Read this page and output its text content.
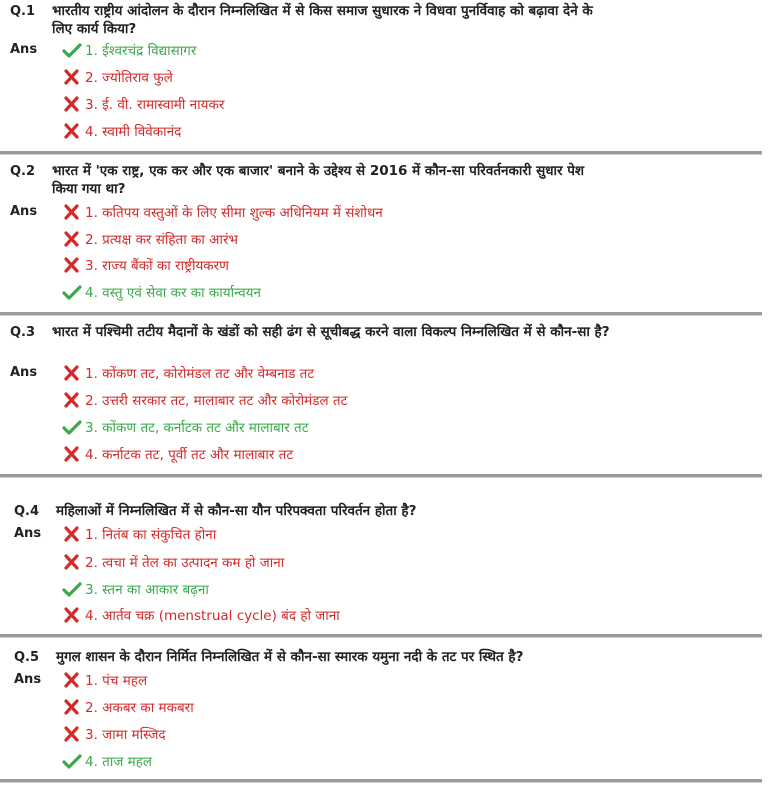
Q.1 भारतीय राष्ट्रीय आंदोलन के दौरान निम्नलिखित में से किस समाज सुधारक ने विधवा पुनर्विवाह को बढ़ावा देने के लिए कार्य किया?
Ans	1. ईश्वरचंद्र विद्यासागर
2. ज्योतिराव फुले
3. ई. वी. रामास्वामी नायकर
4. स्वामी विवेकानंद
Q.2 भारत में 'एक राष्ट्र, एक कर और एक बाजार' बनाने के उद्देश्य से 2016 में कौन-सा परिवर्तनकारी सुधार पेश किया गया था?
Ans	1. कतिपय वस्तुओं के लिए सीमा शुल्क अधिनियम में संशोधन
2. प्रत्यक्ष कर संहिता का आरंभ
3. राज्य बैंकों का राष्ट्रीयकरण
4. वस्तु एवं सेवा कर का कार्यान्वयन
Q.3 भारत में पश्चिमी तटीय मैदानों के खंडों को सही ढंग से सूचीबद्ध करने वाला विकल्प निम्नलिखित में से कौन-सा है?
Ans	1. कोंकण तट, कोरोमंडल तट और वेम्बनाड तट
2. उत्तरी सरकार तट, मालाबार तट और कोरोमंडल तट
3. कोंकण तट, कर्नाटक तट और मालाबार तट
4. कर्नाटक तट, पूर्वी तट और मालाबार तट
Q.4 महिलाओं में निम्नलिखित में से कौन-सा यौन परिपक्वता परिवर्तन होता है?
Ans	1. नितंब का संकुचित होना
2. त्वचा में तेल का उत्पादन कम हो जाना
3. स्तन का आकार बढ़ना
4. आर्तव चक्र (menstrual cycle) बंद हो जाना
Q.5 मुगल शासन के दौरान निर्मित निम्नलिखित में से कौन-सा स्मारक यमुना नदी के तट पर स्थित है?
Ans	1. पंच महल
2. अकबर का मकबरा
3. जामा मस्जिद
4. ताज महल
